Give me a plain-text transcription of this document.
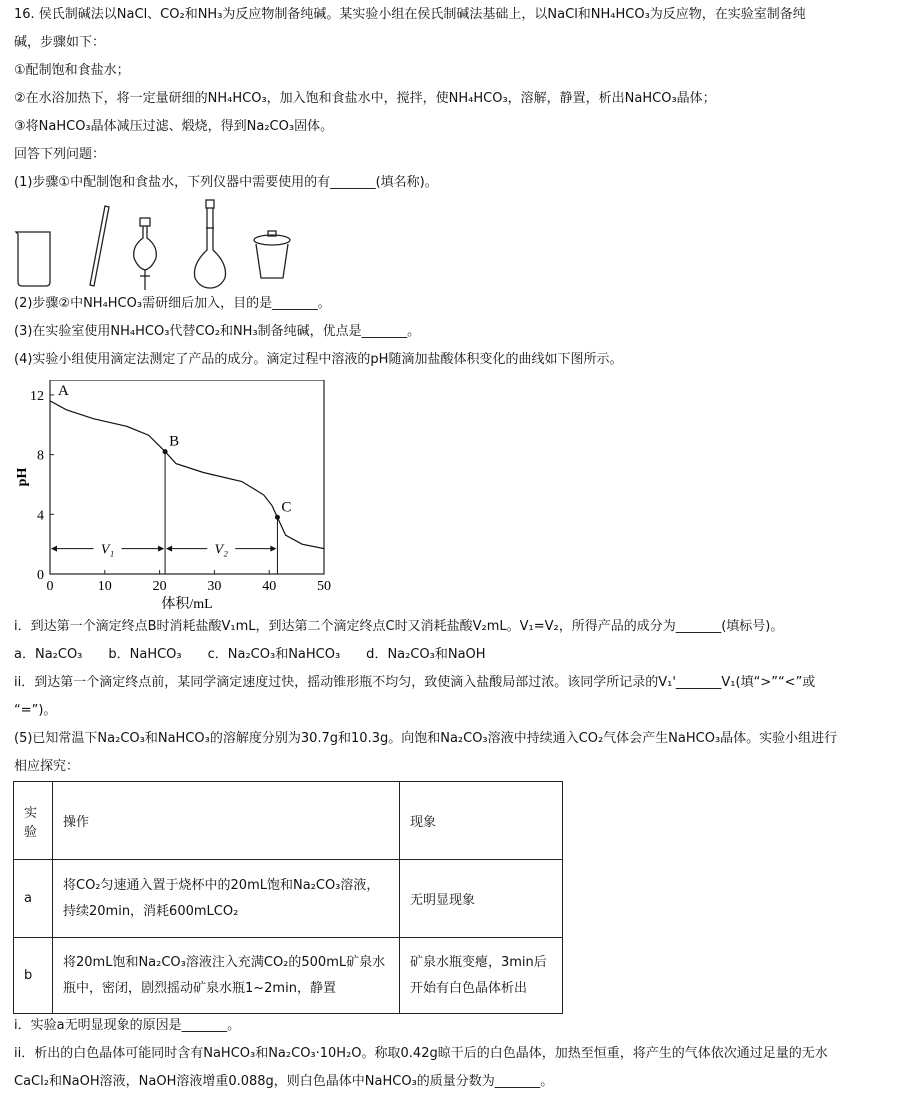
16. 侯氏制碱法以NaCl、CO₂和NH₃为反应物制备纯碱。某实验小组在侯氏制碱法基础上，以NaCl和NH₄HCO₃为反应物，在实验室制备纯
碱，步骤如下：
①配制饱和食盐水；
②在水浴加热下，将一定量研细的NH₄HCO₃，加入饱和食盐水中，搅拌，使NH₄HCO₃，溶解，静置，析出NaHCO₃晶体；
③将NaHCO₃晶体减压过滤、煅烧，得到Na₂CO₃固体。
回答下列问题：
(1)步骤①中配制饱和食盐水，下列仪器中需要使用的有_______(填名称)。
(2)步骤②中NH₄HCO₃需研细后加入，目的是_______。
(3)在实验室使用NH₄HCO₃代替CO₂和NH₃制备纯碱，优点是_______。
(4)实验小组使用滴定法测定了产品的成分。滴定过程中溶液的pH随滴加盐酸体积变化的曲线如下图所示。
i．到达第一个滴定终点B时消耗盐酸V₁mL，到达第二个滴定终点C时又消耗盐酸V₂mL。V₁=V₂，所得产品的成分为_______(填标号)。
a．Na₂CO₃　　b．NaHCO₃　　c．Na₂CO₃和NaHCO₃　　d．Na₂CO₃和NaOH
ii．到达第一个滴定终点前，某同学滴定速度过快，摇动锥形瓶不均匀，致使滴入盐酸局部过浓。该同学所记录的V₁'_______V₁(填“>”“<”或
“=”)。
(5)已知常温下Na₂CO₃和NaHCO₃的溶解度分别为30.7g和10.3g。向饱和Na₂CO₃溶液中持续通入CO₂气体会产生NaHCO₃晶体。实验小组进行
相应探究：
i．实验a无明显现象的原因是_______。
ii．析出的白色晶体可能同时含有NaHCO₃和Na₂CO₃·10H₂O。称取0.42g晾干后的白色晶体，加热至恒重，将产生的气体依次通过足量的无水
CaCl₂和NaOH溶液，NaOH溶液增重0.088g，则白色晶体中NaHCO₃的质量分数为_______。
0	10	20	30	40	50
0
4
8
12
体积/mL
pH
A
B
C
V₁	V₂
实验	操作	现象
a	将CO₂匀速通入置于烧杯中的20mL饱和Na₂CO₃溶液，持续20min，消耗600mLCO₂	无明显现象
b	将20mL饱和Na₂CO₃溶液注入充满CO₂的500mL矿泉水瓶中，密闭，剧烈摇动矿泉水瓶1~2min，静置	矿泉水瓶变瘪，3min后开始有白色晶体析出
